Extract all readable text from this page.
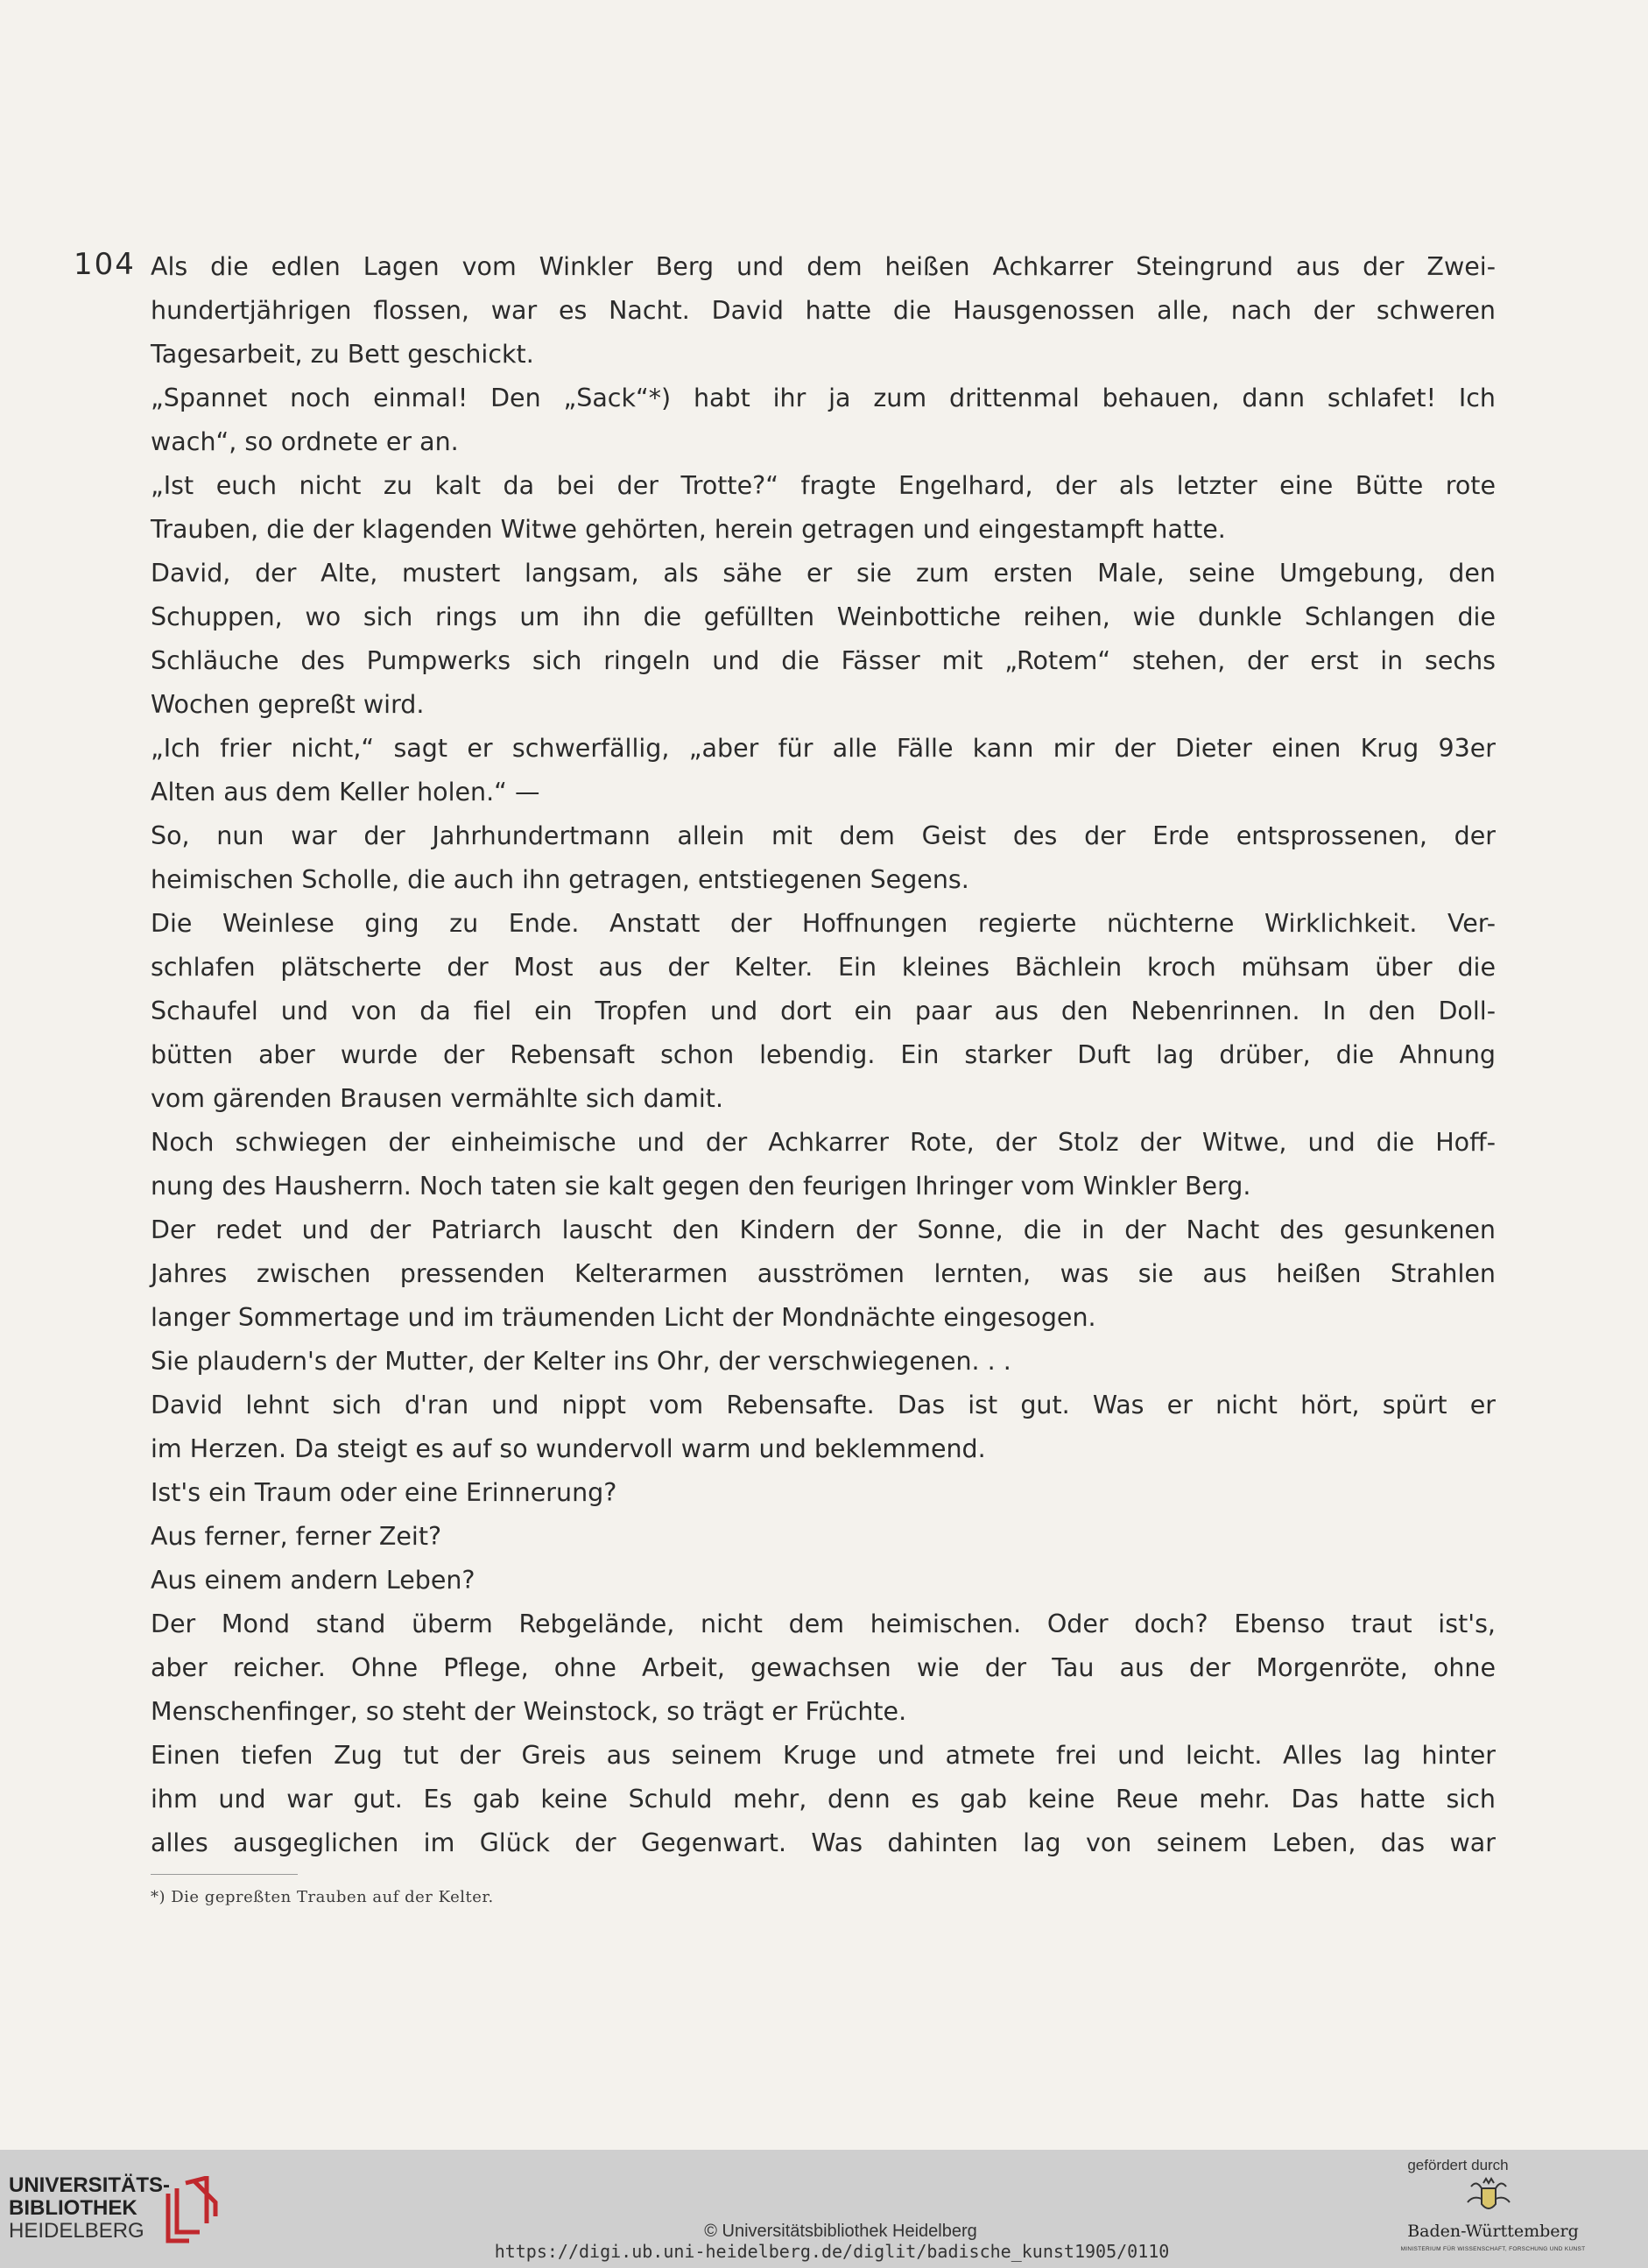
104 Als die edlen Lagen vom Winkler Berg und dem heißen Achkarrer Steingrund aus der Zwei-
hundertjährigen flossen, war es Nacht. David hatte die Hausgenossen alle, nach der schweren
Tagesarbeit, zu Bett geschickt.
„Spannet noch einmal! Den „Sack“*) habt ihr ja zum drittenmal behauen, dann schlafet! Ich
wach“, so ordnete er an.
„Ist euch nicht zu kalt da bei der Trotte?“ fragte Engelhard, der als letzter eine Bütte rote
Trauben, die der klagenden Witwe gehörten, herein getragen und eingestampft hatte.
David, der Alte, mustert langsam, als sähe er sie zum ersten Male, seine Umgebung, den
Schuppen, wo sich rings um ihn die gefüllten Weinbottiche reihen, wie dunkle Schlangen die
Schläuche des Pumpwerks sich ringeln und die Fässer mit „Rotem“ stehen, der erst in sechs
Wochen gepreßt wird.
„Ich frier nicht,“ sagt er schwerfällig, „aber für alle Fälle kann mir der Dieter einen Krug 93er
Alten aus dem Keller holen.“ —
So, nun war der Jahrhundertmann allein mit dem Geist des der Erde entsprossenen, der
heimischen Scholle, die auch ihn getragen, entstiegenen Segens.
Die Weinlese ging zu Ende. Anstatt der Hoffnungen regierte nüchterne Wirklichkeit. Ver-
schlafen plätscherte der Most aus der Kelter. Ein kleines Bächlein kroch mühsam über die
Schaufel und von da fiel ein Tropfen und dort ein paar aus den Nebenrinnen. In den Doll-
bütten aber wurde der Rebensaft schon lebendig. Ein starker Duft lag drüber, die Ahnung
vom gärenden Brausen vermählte sich damit.
Noch schwiegen der einheimische und der Achkarrer Rote, der Stolz der Witwe, und die Hoff-
nung des Hausherrn. Noch taten sie kalt gegen den feurigen Ihringer vom Winkler Berg.
Der redet und der Patriarch lauscht den Kindern der Sonne, die in der Nacht des gesunkenen
Jahres zwischen pressenden Kelterarmen ausströmen lernten, was sie aus heißen Strahlen
langer Sommertage und im träumenden Licht der Mondnächte eingesogen.
Sie plaudern's der Mutter, der Kelter ins Ohr, der verschwiegenen. . .
David lehnt sich d'ran und nippt vom Rebensafte. Das ist gut. Was er nicht hört, spürt er
im Herzen. Da steigt es auf so wundervoll warm und beklemmend.
Ist's ein Traum oder eine Erinnerung?
Aus ferner, ferner Zeit?
Aus einem andern Leben?
Der Mond stand überm Rebgelände, nicht dem heimischen. Oder doch? Ebenso traut ist's,
aber reicher. Ohne Pflege, ohne Arbeit, gewachsen wie der Tau aus der Morgenröte, ohne
Menschenfinger, so steht der Weinstock, so trägt er Früchte.
Einen tiefen Zug tut der Greis aus seinem Kruge und atmete frei und leicht. Alles lag hinter
ihm und war gut. Es gab keine Schuld mehr, denn es gab keine Reue mehr. Das hatte sich
alles ausgeglichen im Glück der Gegenwart. Was dahinten lag von seinem Leben, das war
*) Die gepreßten Trauben auf der Kelter.
UNIVERSITÄTS-
BIBLIOTHEK
HEIDELBERG	© Universitätsbibliothek Heidelberg
https://digi.ub.uni-heidelberg.de/diglit/badische_kunst1905/0110
gefördert durch
Baden-Württemberg
MINISTERIUM FÜR WISSENSCHAFT, FORSCHUNG UND KUNST
